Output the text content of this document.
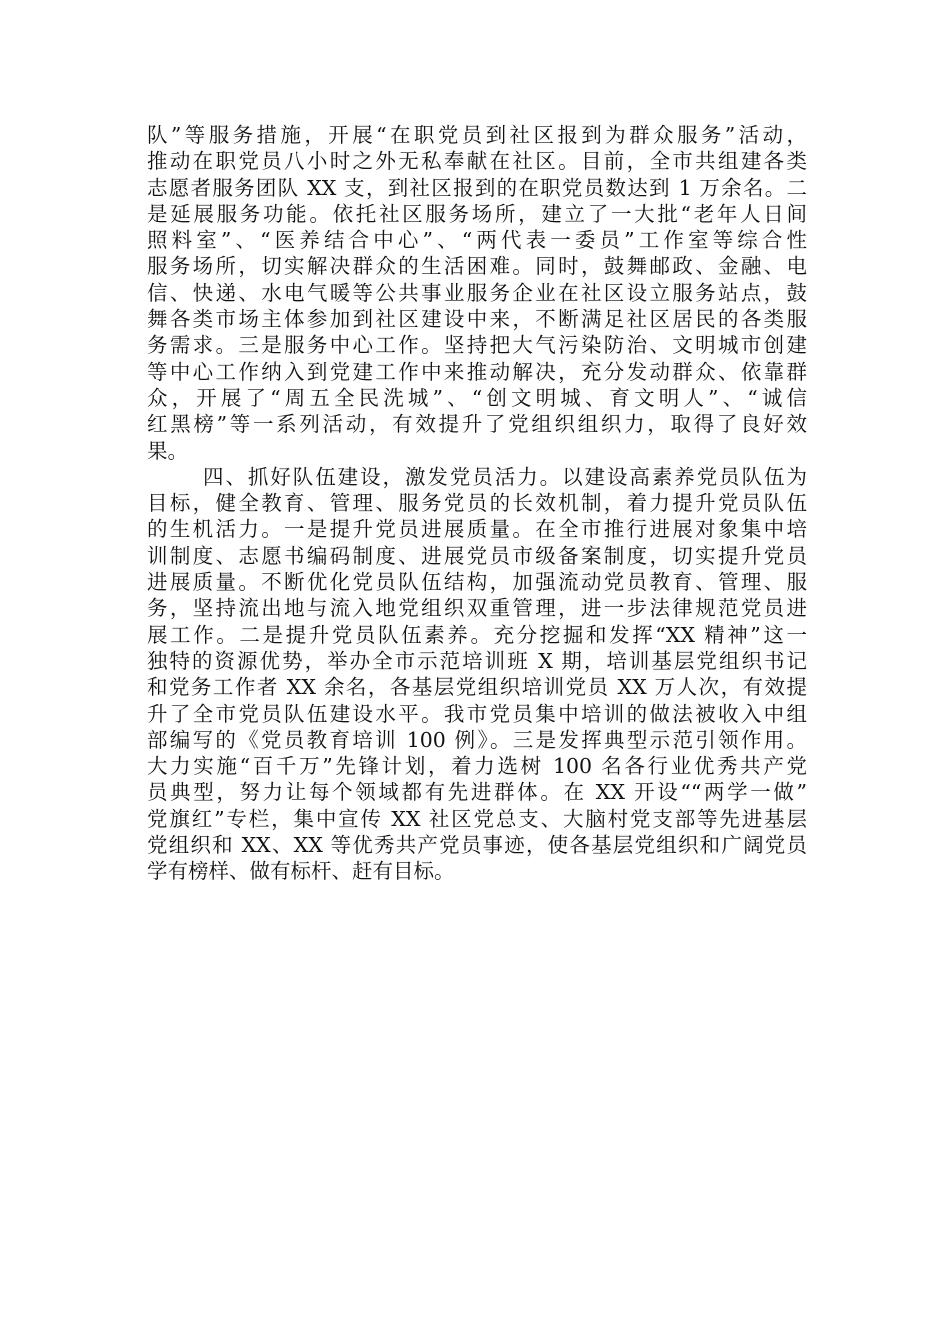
队”等服务措施，开展“在职党员到社区报到为群众服务”活动，
推动在职党员八小时之外无私奉献在社区。目前，全市共组建各类
志愿者服务团队 XX 支，到社区报到的在职党员数达到 1 万余名。二
是延展服务功能。依托社区服务场所，建立了一大批“老年人日间
照料室”、“医养结合中心”、“两代表一委员”工作室等综合性
服务场所，切实解决群众的生活困难。同时，鼓舞邮政、金融、电
信、快递、水电气暖等公共事业服务企业在社区设立服务站点，鼓
舞各类市场主体参加到社区建设中来，不断满足社区居民的各类服
务需求。三是服务中心工作。坚持把大气污染防治、文明城市创建
等中心工作纳入到党建工作中来推动解决，充分发动群众、依靠群
众，开展了“周五全民洗城”、“创文明城、育文明人”、“诚信
红黑榜”等一系列活动，有效提升了党组织组织力，取得了良好效
果。
四、抓好队伍建设，激发党员活力。以建设高素养党员队伍为
目标，健全教育、管理、服务党员的长效机制，着力提升党员队伍
的生机活力。一是提升党员进展质量。在全市推行进展对象集中培
训制度、志愿书编码制度、进展党员市级备案制度，切实提升党员
进展质量。不断优化党员队伍结构，加强流动党员教育、管理、服
务，坚持流出地与流入地党组织双重管理，进一步法律规范党员进
展工作。二是提升党员队伍素养。充分挖掘和发挥“XX 精神”这一
独特的资源优势，举办全市示范培训班 X 期，培训基层党组织书记
和党务工作者 XX 余名，各基层党组织培训党员 XX 万人次，有效提
升了全市党员队伍建设水平。我市党员集中培训的做法被收入中组
部编写的《党员教育培训 100 例》。三是发挥典型示范引领作用。
大力实施“百千万”先锋计划，着力选树 100 名各行业优秀共产党
员典型，努力让每个领域都有先进群体。在 XX 开设““两学一做”
党旗红”专栏，集中宣传 XX 社区党总支、大脑村党支部等先进基层
党组织和 XX、XX 等优秀共产党员事迹，使各基层党组织和广阔党员
学有榜样、做有标杆、赶有目标。
